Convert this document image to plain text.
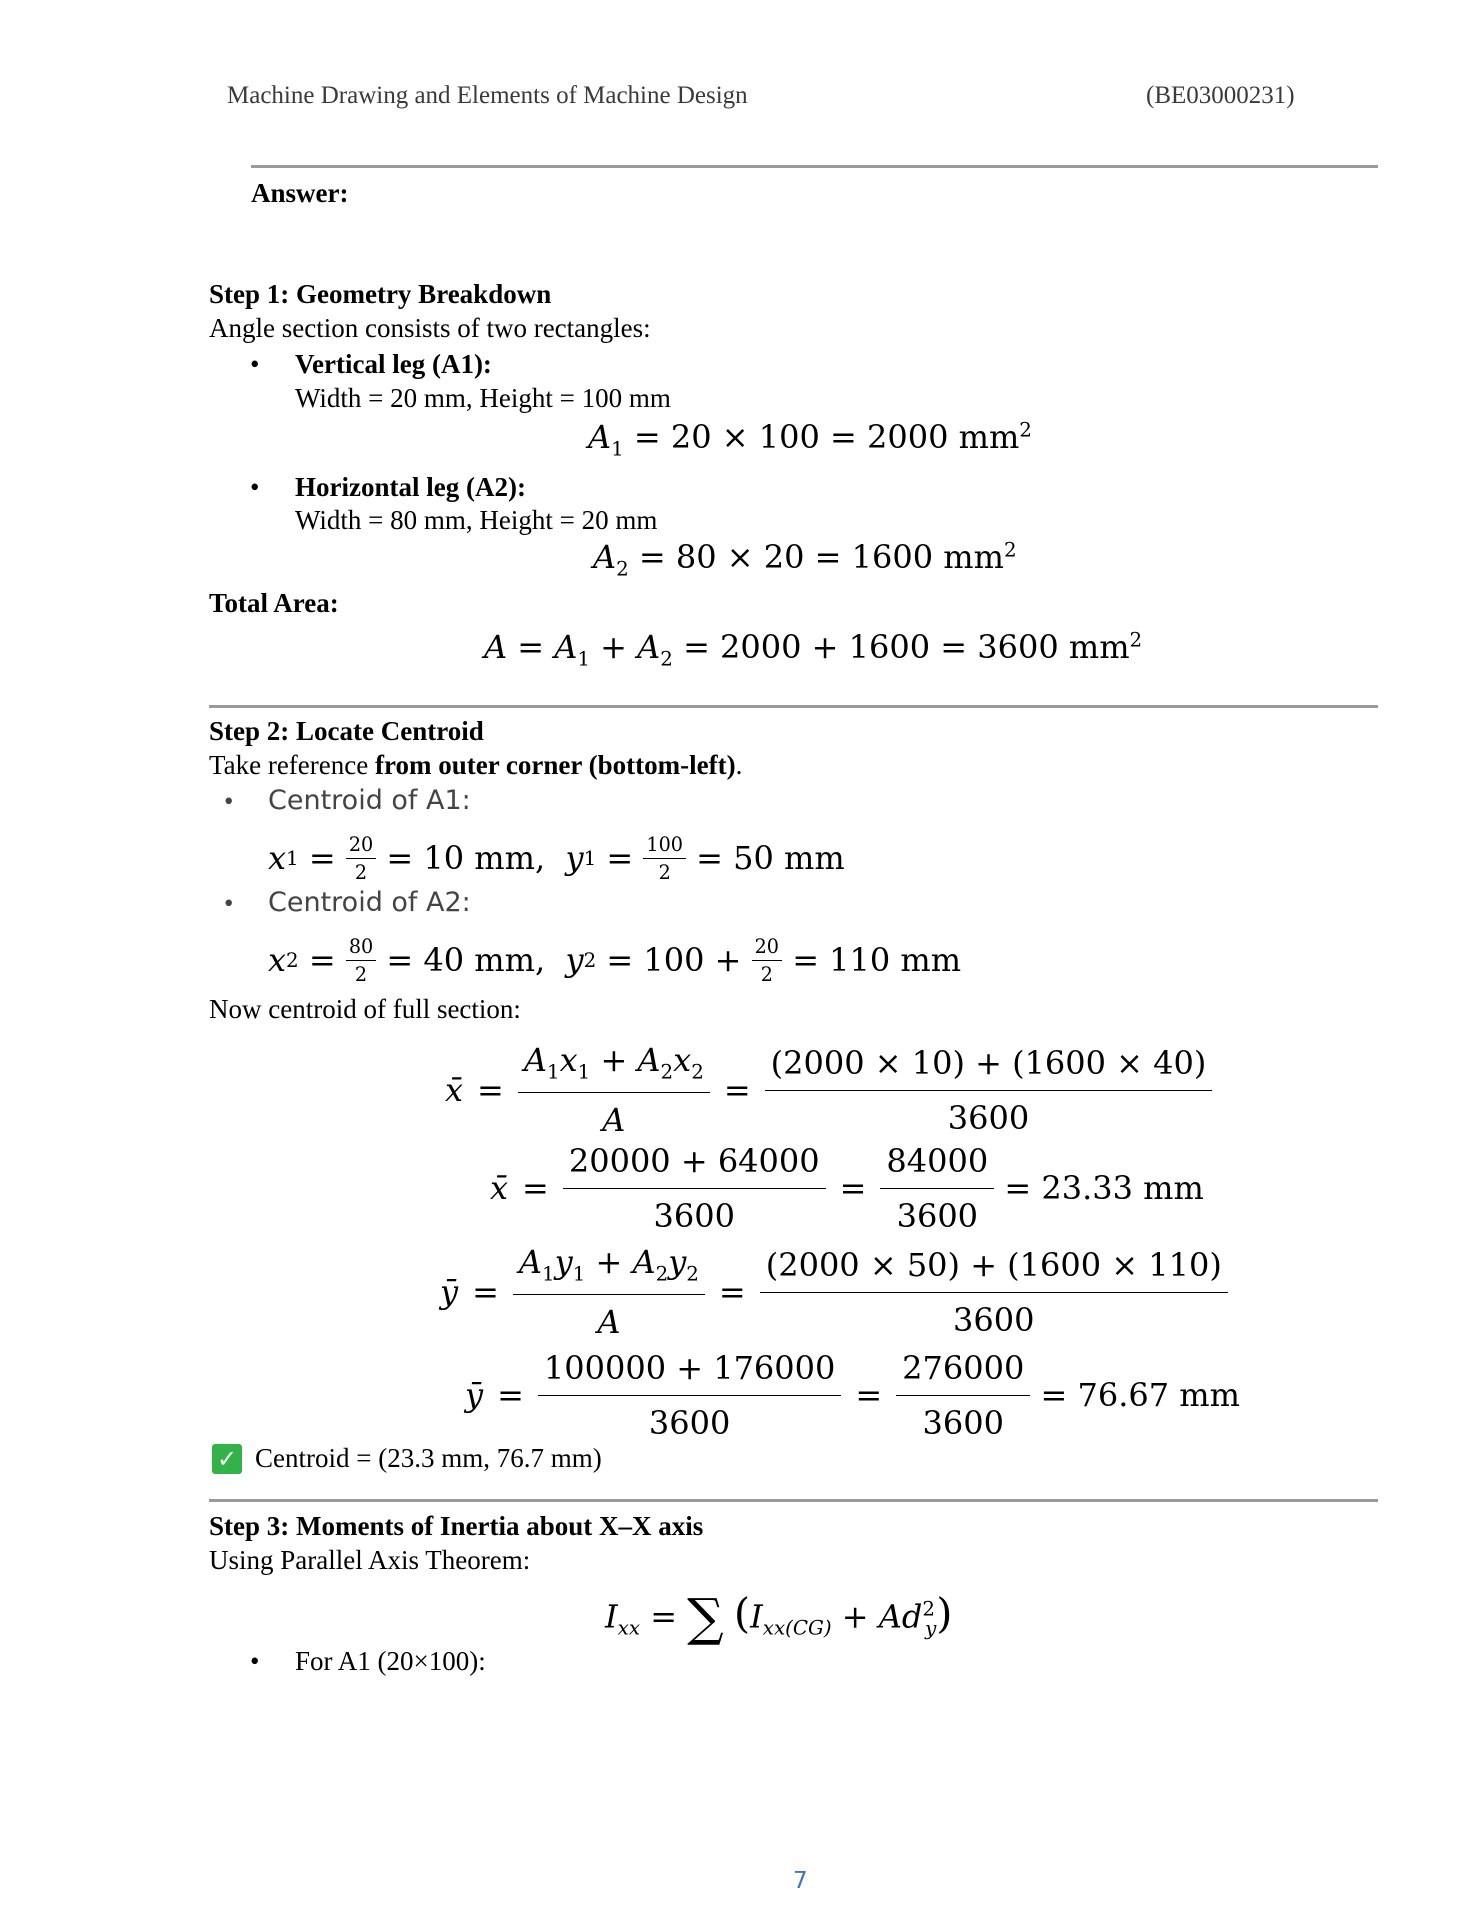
Machine Drawing and Elements of Machine Design	(BE03000231)
Answer:
Step 1: Geometry Breakdown
Angle section consists of two rectangles:
• Vertical leg (A1):
Width = 20 mm, Height = 100 mm
$A_1 = 20 \times 100 = 2000$ $mm^2$
• Horizontal leg (A2):
Width = 80 mm, Height = 20 mm
$A_2 = 80 \times 20 = 1600$ $mm^2$
Total Area:
$A = A_1 + A_2 = 2000 + 1600 = 3600$ $mm^2$
Step 2: Locate Centroid
Take reference from outer corner (bottom-left).
• Centroid of A1:
x $1 = \frac{20}{2}$
= 10 mm,
y $1 = \frac{100}{2}$
= 50 mm
• Centroid of A2:
x $2 = \frac{80}{2}$
= 40 mm,
y 2
= 100 +
$\frac{20}{2}$
= 110 mm
Now centroid of full section:
x̄ = $\frac{A_1x_1 + A_2x_2}{A} = \frac{(2000 \times 10) + (1600 \times 40)}{3600}$
x̄ = $\frac{20000 + 64000}{3600} = \frac{84000}{3600}$
= 23.33 mm
ȳ = $\frac{A_1y_1 + A_2y_2}{A} = \frac{(2000 \times 50) + (1600 \times 110)}{3600}$
ȳ = $\frac{100000 + 176000}{3600} = \frac{276000}{3600}$
= 76.67 mm
✓ Centroid = (23.3 mm, 76.7 mm)
Step 3: Moments of Inertia about X–X axis
Using Parallel Axis Theorem:
$I_{xx}$ = ∑ $(I_{xx(CG)} + Ad^2_y)$
• For A1 (20×100):
7
